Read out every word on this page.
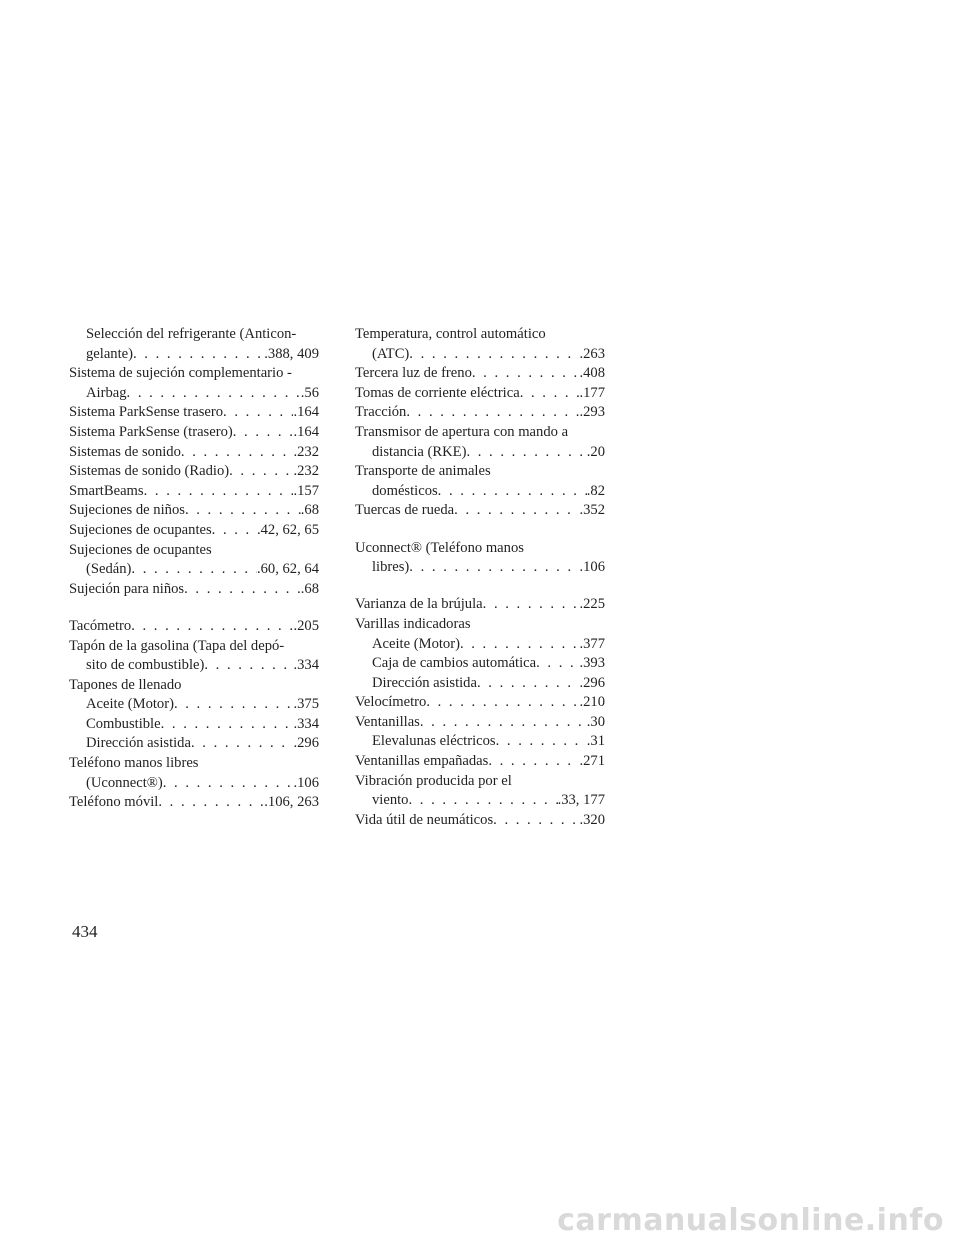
Selección del refrigerante (Anticon-
gelante) . . .	.388, 409
Sistema de sujeción complementario -
Airbag . . .	.56
Sistema ParkSense trasero . . .	.164
Sistema ParkSense (trasero) . . .	.164
Sistemas de sonido . . .	.232
Sistemas de sonido (Radio) . . .	.232
SmartBeams . . .	.157
Sujeciones de niños . . .	.68
Sujeciones de ocupantes . . .	.42, 62, 65
Sujeciones de ocupantes
(Sedán) . . .	.60, 62, 64
Sujeción para niños . . .	.68
Tacómetro . . .	.205
Tapón de la gasolina (Tapa del depó-
sito de combustible) . . .	.334
Tapones de llenado
Aceite (Motor) . . .	.375
Combustible . . .	.334
Dirección asistida . . .	.296
Teléfono manos libres
(Uconnect®) . . .	.106
Teléfono móvil . . .	.106, 263
Temperatura, control automático
(ATC) . . .	.263
Tercera luz de freno . . .	.408
Tomas de corriente eléctrica . . .	.177
Tracción . . .	.293
Transmisor de apertura con mando a
distancia (RKE) . . .	.20
Transporte de animales
domésticos . . .	.82
Tuercas de rueda . . .	.352
Uconnect® (Teléfono manos
libres) . . .	.106
Varianza de la brújula . . .	.225
Varillas indicadoras
Aceite (Motor) . . .	.377
Caja de cambios automática . . .	.393
Dirección asistida . . .	.296
Velocímetro . . .	.210
Ventanillas . . .	.30
Elevalunas eléctricos . . .	.31
Ventanillas empañadas . . .	.271
Vibración producida por el
viento . . .	.33, 177
Vida útil de neumáticos . . .	.320
434
carmanualsonline.info
